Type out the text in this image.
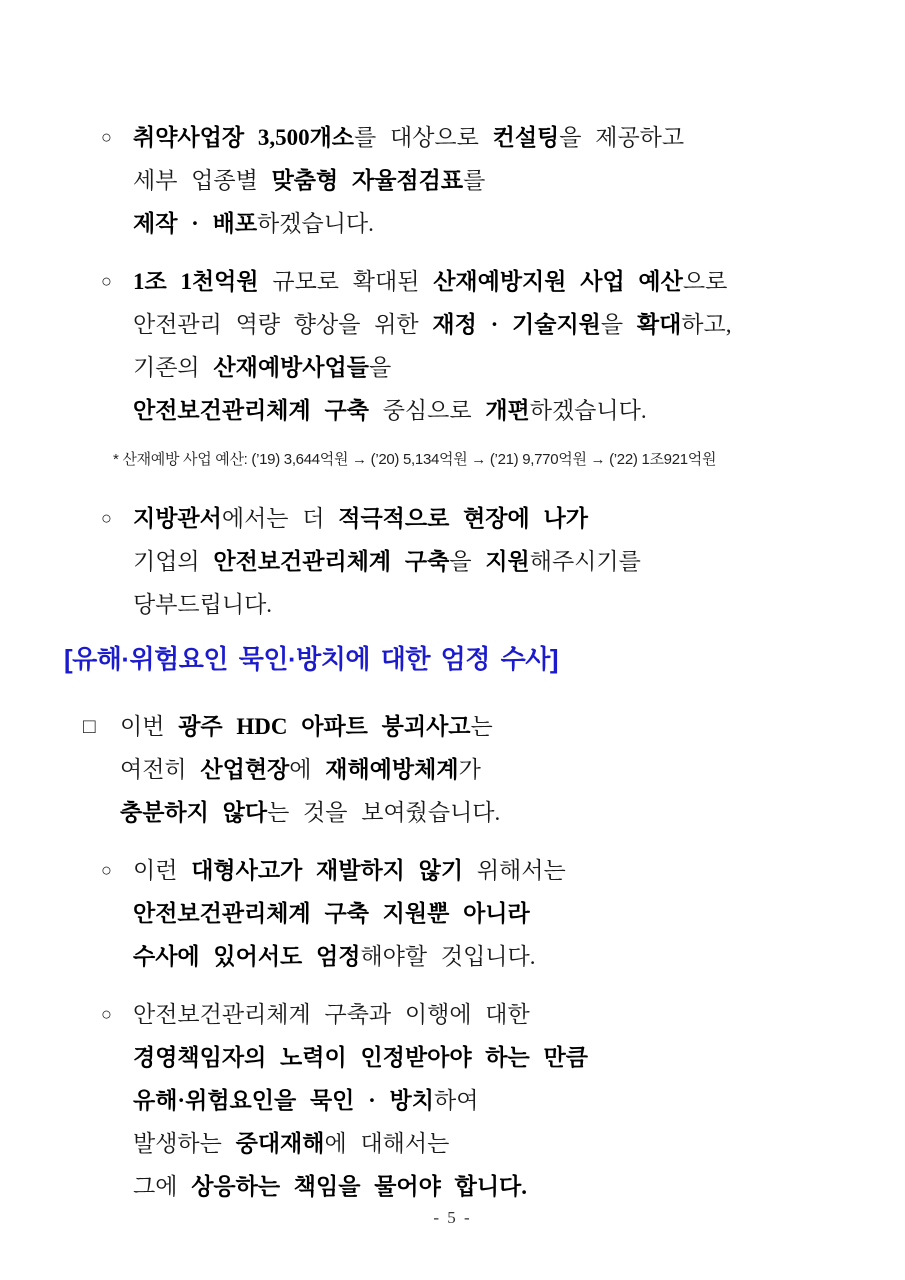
○ 취약사업장 3,500개소를 대상으로 컨설팅을 제공하고
세부 업종별 맞춤형 자율점검표를
제작 · 배포하겠습니다.
○ 1조 1천억원 규모로 확대된 산재예방지원 사업 예산으로
안전관리 역량 향상을 위한 재정 · 기술지원을 확대하고,
기존의 산재예방사업들을
안전보건관리체계 구축 중심으로 개편하겠습니다.
* 산재예방 사업 예산: (’19) 3,644억원 → (’20) 5,134억원 → (’21) 9,770억원 → (’22) 1조921억원
○ 지방관서에서는 더 적극적으로 현장에 나가
기업의 안전보건관리체계 구축을 지원해주시기를
당부드립니다.
[유해·위험요인 묵인·방치에 대한 엄정 수사]
□	이번 광주 HDC 아파트 붕괴사고는
여전히 산업현장에 재해예방체계가
충분하지 않다는 것을 보여줬습니다.
○ 이런 대형사고가 재발하지 않기 위해서는
안전보건관리체계 구축 지원뿐 아니라
수사에 있어서도 엄정해야할 것입니다.
○ 안전보건관리체계 구축과 이행에 대한
경영책임자의 노력이 인정받아야 하는 만큼
유해·위험요인을 묵인 · 방치하여
발생하는 중대재해에 대해서는
그에 상응하는 책임을 물어야 합니다.
- 5 -
